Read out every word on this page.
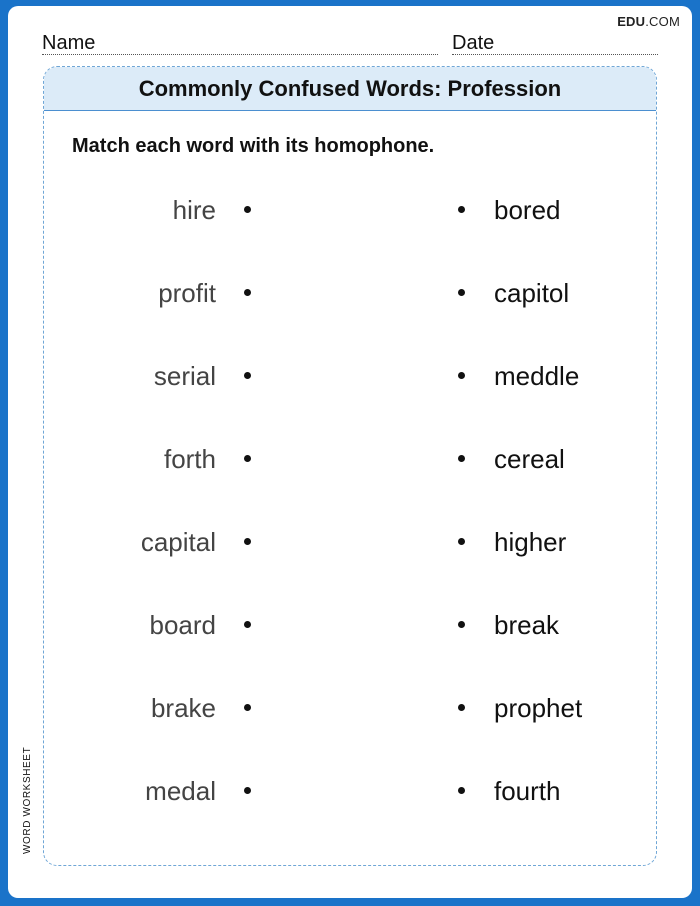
EDU.COM
Name	Date
Commonly Confused Words: Profession
Match each word with its homophone.
hire	bored
profit	capitol
serial	meddle
forth	cereal
capital	higher
board	break
brake	prophet
medal	fourth
WORD WORKSHEET
